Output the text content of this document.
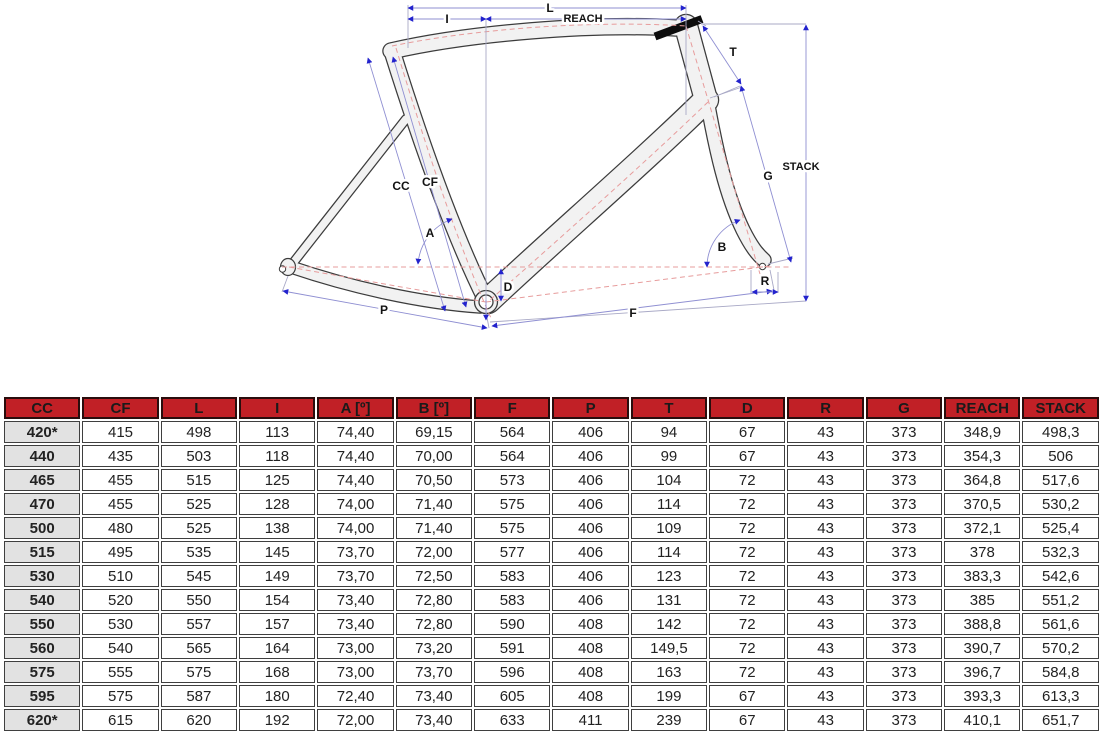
L
I	REACH
T
STACK
G
CC CF
A
B
D	R
P	F
CC	CF	L	I	A [º]	B [º]	F	P	T	D	R	G	REACH	STACK
420*	415	498	113	74,40	69,15	564	406	94	67	43	373	348,9	498,3
440	435	503	118	74,40	70,00	564	406	99	67	43	373	354,3	506
465	455	515	125	74,40	70,50	573	406	104	72	43	373	364,8	517,6
470	455	525	128	74,00	71,40	575	406	114	72	43	373	370,5	530,2
500	480	525	138	74,00	71,40	575	406	109	72	43	373	372,1	525,4
515	495	535	145	73,70	72,00	577	406	114	72	43	373	378	532,3
530	510	545	149	73,70	72,50	583	406	123	72	43	373	383,3	542,6
540	520	550	154	73,40	72,80	583	406	131	72	43	373	385	551,2
550	530	557	157	73,40	72,80	590	408	142	72	43	373	388,8	561,6
560	540	565	164	73,00	73,20	591	408	149,5	72	43	373	390,7	570,2
575	555	575	168	73,00	73,70	596	408	163	72	43	373	396,7	584,8
595	575	587	180	72,40	73,40	605	408	199	67	43	373	393,3	613,3
620*	615	620	192	72,00	73,40	633	411	239	67	43	373	410,1	651,7
